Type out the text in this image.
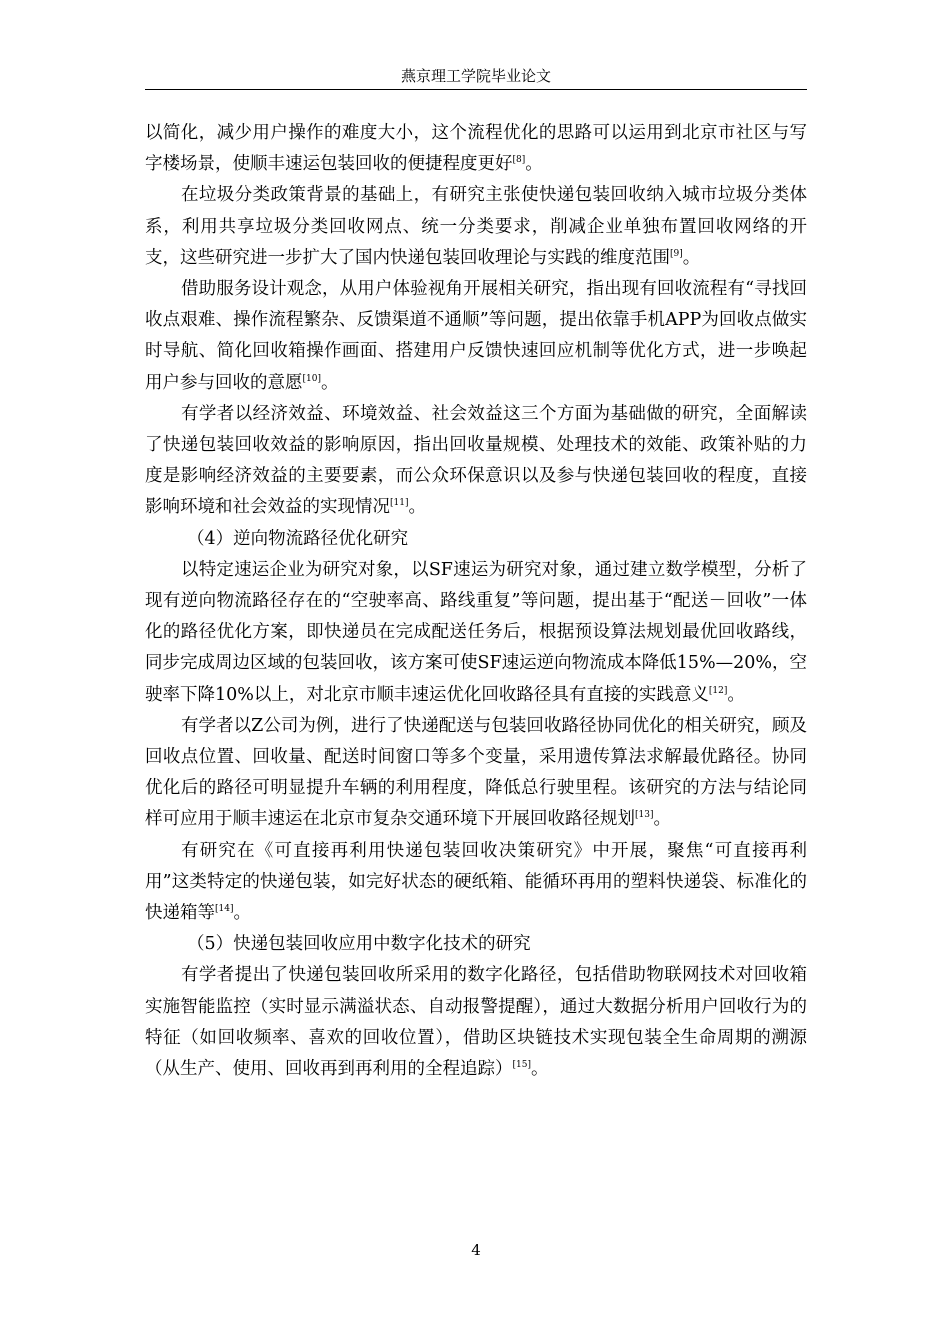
燕京理工学院毕业论文

以简化，减少用户操作的难度大小，这个流程优化的思路可以运用到北京市社区与写字楼场景，使顺丰速运包装回收的便捷程度更好[8]。

在垃圾分类政策背景的基础上，有研究主张使快递包装回收纳入城市垃圾分类体系，利用共享垃圾分类回收网点、统一分类要求，削减企业单独布置回收网络的开支，这些研究进一步扩大了国内快递包装回收理论与实践的维度范围[9]。

借助服务设计观念，从用户体验视角开展相关研究，指出现有回收流程有“寻找回收点艰难、操作流程繁杂、反馈渠道不通顺”等问题，提出依靠手机APP为回收点做实时导航、简化回收箱操作画面、搭建用户反馈快速回应机制等优化方式，进一步唤起用户参与回收的意愿[10]。

有学者以经济效益、环境效益、社会效益这三个方面为基础做的研究，全面解读了快递包装回收效益的影响原因，指出回收量规模、处理技术的效能、政策补贴的力度是影响经济效益的主要要素，而公众环保意识以及参与快递包装回收的程度，直接影响环境和社会效益的实现情况[11]。

（4）逆向物流路径优化研究

以特定速运企业为研究对象，以SF速运为研究对象，通过建立数学模型，分析了现有逆向物流路径存在的“空驶率高、路线重复”等问题，提出基于“配送－回收”一体化的路径优化方案，即快递员在完成配送任务后，根据预设算法规划最优回收路线，同步完成周边区域的包装回收，该方案可使SF速运逆向物流成本降低15%—20%，空驶率下降10%以上，对北京市顺丰速运优化回收路径具有直接的实践意义[12]。

有学者以Z公司为例，进行了快递配送与包装回收路径协同优化的相关研究，顾及回收点位置、回收量、配送时间窗口等多个变量，采用遗传算法求解最优路径。协同优化后的路径可明显提升车辆的利用程度，降低总行驶里程。该研究的方法与结论同样可应用于顺丰速运在北京市复杂交通环境下开展回收路径规划[13]。

有研究在《可直接再利用快递包装回收决策研究》中开展，聚焦“可直接再利用”这类特定的快递包装，如完好状态的硬纸箱、能循环再用的塑料快递袋、标准化的快递箱等[14]。

（5）快递包装回收应用中数字化技术的研究

有学者提出了快递包装回收所采用的数字化路径，包括借助物联网技术对回收箱实施智能监控（实时显示满溢状态、自动报警提醒），通过大数据分析用户回收行为的特征（如回收频率、喜欢的回收位置），借助区块链技术实现包装全生命周期的溯源（从生产、使用、回收再到再利用的全程追踪）[15]。

4
